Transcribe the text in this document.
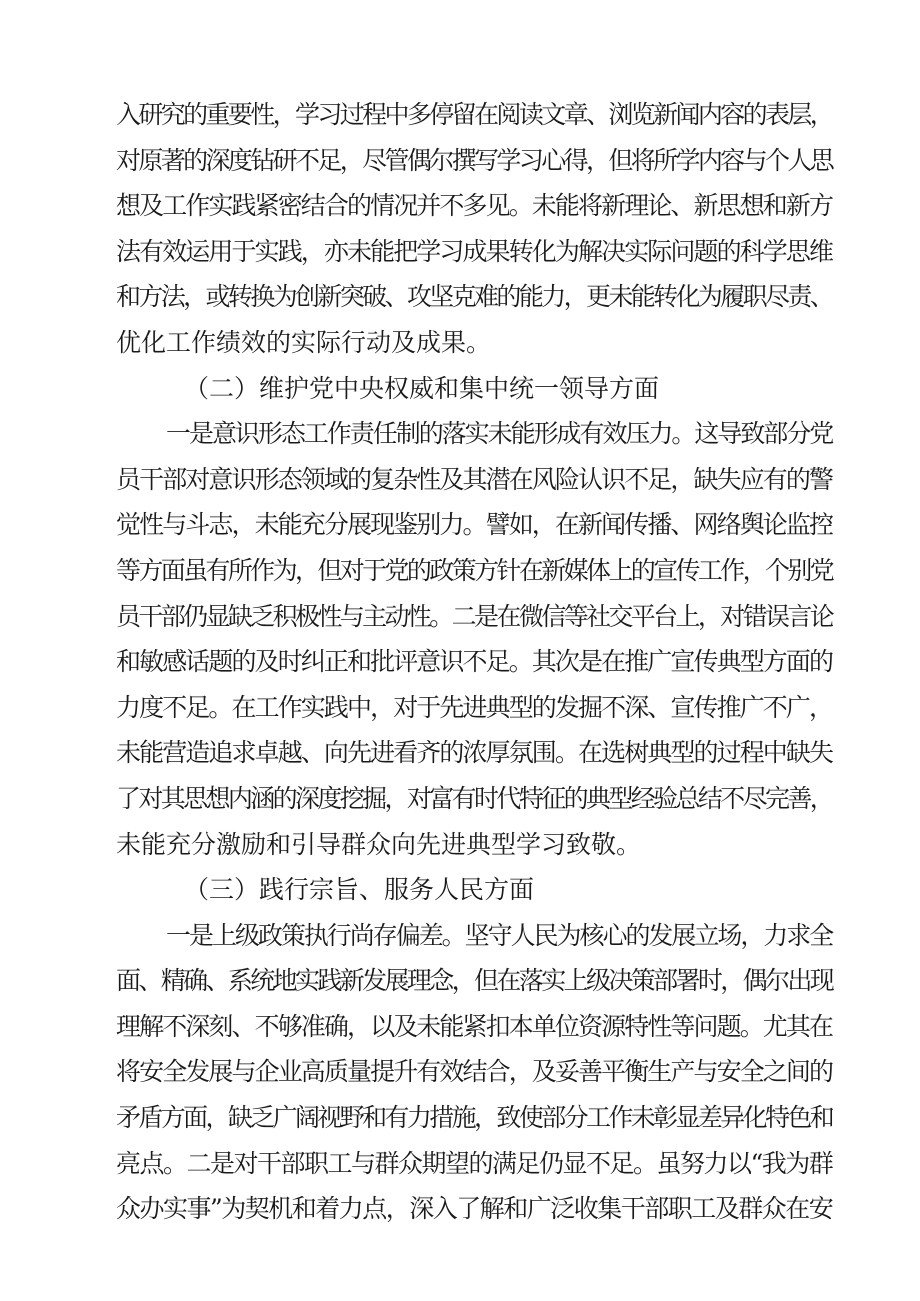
入研究的重要性，学习过程中多停留在阅读文章、浏览新闻内容的表层，
对原著的深度钻研不足，尽管偶尔撰写学习心得，但将所学内容与个人思
想及工作实践紧密结合的情况并不多见。未能将新理论、新思想和新方
法有效运用于实践，亦未能把学习成果转化为解决实际问题的科学思维
和方法，或转换为创新突破、攻坚克难的能力，更未能转化为履职尽责、
优化工作绩效的实际行动及成果。
（二）维护党中央权威和集中统一领导方面
一是意识形态工作责任制的落实未能形成有效压力。这导致部分党
员干部对意识形态领域的复杂性及其潜在风险认识不足，缺失应有的警
觉性与斗志，未能充分展现鉴别力。譬如，在新闻传播、网络舆论监控
等方面虽有所作为，但对于党的政策方针在新媒体上的宣传工作，个别党
员干部仍显缺乏积极性与主动性。二是在微信等社交平台上，对错误言论
和敏感话题的及时纠正和批评意识不足。其次是在推广宣传典型方面的
力度不足。在工作实践中，对于先进典型的发掘不深、宣传推广不广，
未能营造追求卓越、向先进看齐的浓厚氛围。在选树典型的过程中缺失
了对其思想内涵的深度挖掘，对富有时代特征的典型经验总结不尽完善，
未能充分激励和引导群众向先进典型学习致敬。
（三）践行宗旨、服务人民方面
一是上级政策执行尚存偏差。坚守人民为核心的发展立场，力求全
面、精确、系统地实践新发展理念，但在落实上级决策部署时，偶尔出现
理解不深刻、不够准确，以及未能紧扣本单位资源特性等问题。尤其在
将安全发展与企业高质量提升有效结合，及妥善平衡生产与安全之间的
矛盾方面，缺乏广阔视野和有力措施，致使部分工作未彰显差异化特色和
亮点。二是对干部职工与群众期望的满足仍显不足。虽努力以“我为群
众办实事”为契机和着力点，深入了解和广泛收集干部职工及群众在安
